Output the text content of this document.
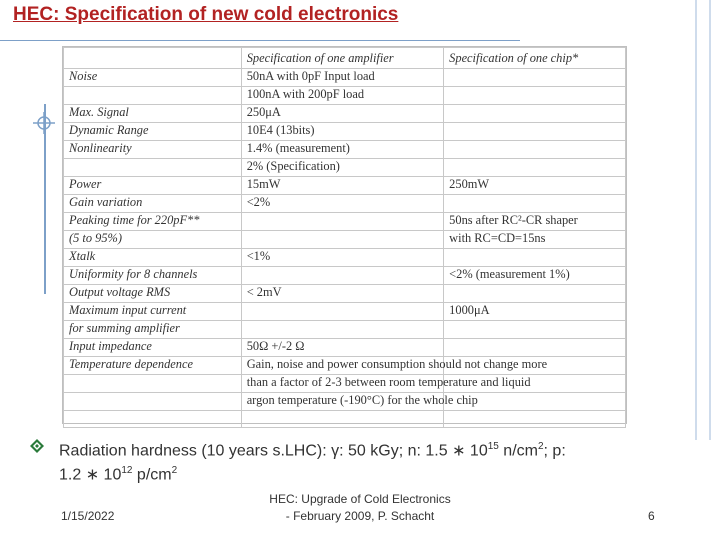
HEC: Specification of new cold electronics
	Specification of one amplifier	Specification of one chip*
Noise	50nA with 0pF Input load	
	100nA with 200pF load	
Max. Signal	250μA	
Dynamic Range	10E4 (13bits)	
Nonlinearity	1.4% (measurement)	
	2% (Specification)	
Power	15mW	250mW
Gain variation	<2%	
Peaking time for 220pF**		50ns after RC²-CR shaper
(5 to 95%)		with RC=CD=15ns
Xtalk	<1%	
Uniformity for 8 channels		<2% (measurement 1%)
Output voltage RMS	< 2mV	
Maximum input current		1000μA
for summing amplifier		
Input impedance	50Ω +/-2 Ω	
Temperature dependence	Gain, noise and power consumption should not change more	
	than a factor of 2-3 between room temperature and liquid	
	argon temperature (-190°C) for the whole chip	

Radiation hardness (10 years s.LHC): γ: 50 kGy; n: 1.5 ∗ $10^{15}$ $n/cm^2$; p:
1.2 ∗ $10^{12}$ $p/cm^2$
1/15/2022
HEC: Upgrade of Cold Electronics
- February 2009, P. Schacht	6
